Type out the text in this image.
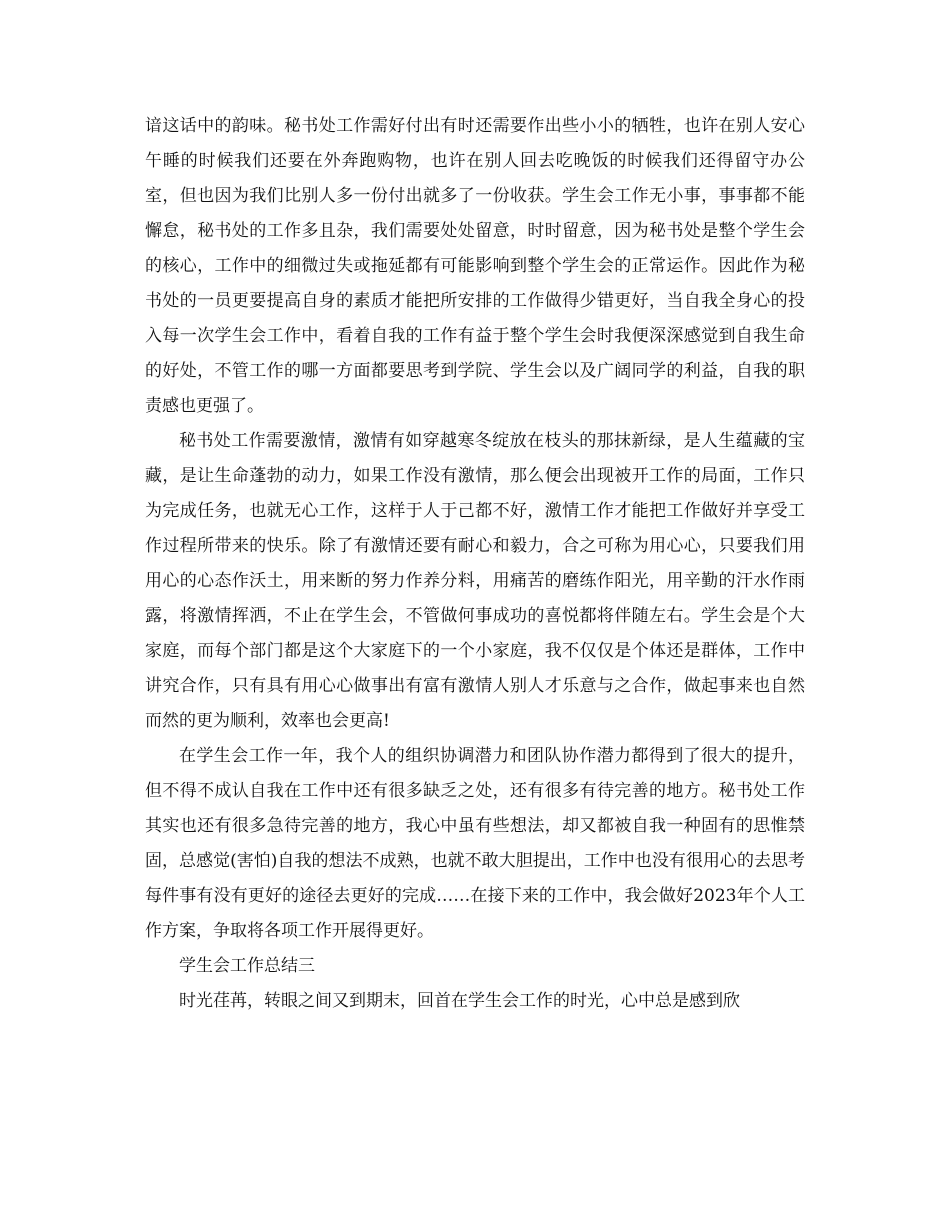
谙这话中的韵味。秘书处工作需好付出有时还需要作出些小小的牺牲，也许在别人安心午睡的时候我们还要在外奔跑购物，也许在别人回去吃晚饭的时候我们还得留守办公室，但也因为我们比别人多一份付出就多了一份收获。学生会工作无小事，事事都不能懈怠，秘书处的工作多且杂，我们需要处处留意，时时留意，因为秘书处是整个学生会的核心，工作中的细微过失或拖延都有可能影响到整个学生会的正常运作。因此作为秘书处的一员更要提高自身的素质才能把所安排的工作做得少错更好，当自我全身心的投入每一次学生会工作中，看着自我的工作有益于整个学生会时我便深深感觉到自我生命的好处，不管工作的哪一方面都要思考到学院、学生会以及广阔同学的利益，自我的职责感也更强了。

秘书处工作需要激情，激情有如穿越寒冬绽放在枝头的那抹新绿，是人生蕴藏的宝藏，是让生命蓬勃的动力，如果工作没有激情，那么便会出现被开工作的局面，工作只为完成任务，也就无心工作，这样于人于己都不好，激情工作才能把工作做好并享受工作过程所带来的快乐。除了有激情还要有耐心和毅力，合之可称为用心心，只要我们用用心的心态作沃土，用来断的努力作养分料，用痛苦的磨练作阳光，用辛勤的汗水作雨露，将激情挥洒，不止在学生会，不管做何事成功的喜悦都将伴随左右。学生会是个大家庭，而每个部门都是这个大家庭下的一个小家庭，我不仅仅是个体还是群体，工作中讲究合作，只有具有用心心做事出有富有激情人别人才乐意与之合作，做起事来也自然而然的更为顺利，效率也会更高!

在学生会工作一年，我个人的组织协调潜力和团队协作潜力都得到了很大的提升，但不得不成认自我在工作中还有很多缺乏之处，还有很多有待完善的地方。秘书处工作其实也还有很多急待完善的地方，我心中虽有些想法，却又都被自我一种固有的思惟禁固，总感觉(害怕)自我的想法不成熟，也就不敢大胆提出，工作中也没有很用心的去思考每件事有没有更好的途径去更好的完成……在接下来的工作中，我会做好2023年个人工作方案，争取将各项工作开展得更好。

学生会工作总结三

时光荏苒，转眼之间又到期末，回首在学生会工作的时光，心中总是感到欣
